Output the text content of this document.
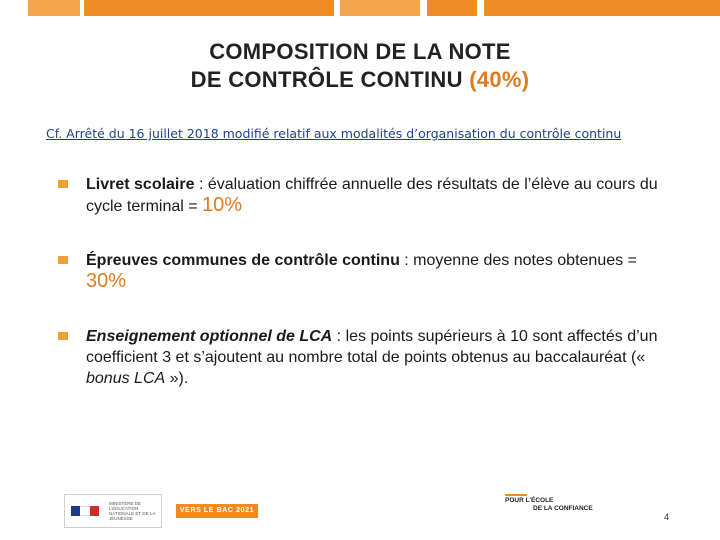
COMPOSITION DE LA NOTE
DE CONTRÔLE CONTINU (40%)
Cf. Arrêté du 16 juillet 2018 modifié relatif aux modalités d’organisation du contrôle continu
Livret scolaire : évaluation chiffrée annuelle des résultats de l’élève au cours du cycle terminal = 10%
Épreuves communes de contrôle continu : moyenne des notes obtenues = 30%
Enseignement optionnel de LCA : les points supérieurs à 10 sont affectés d’un coefficient 3 et s’ajoutent au nombre total de points obtenus au baccalauréat (« bonus LCA »).
MINISTÈRE DE L’ÉDUCATION NATIONALE ET DE LA JEUNESSE
VERS LE BAC 2021
POUR L’ÉCOLE
DE LA CONFIANCE
4
